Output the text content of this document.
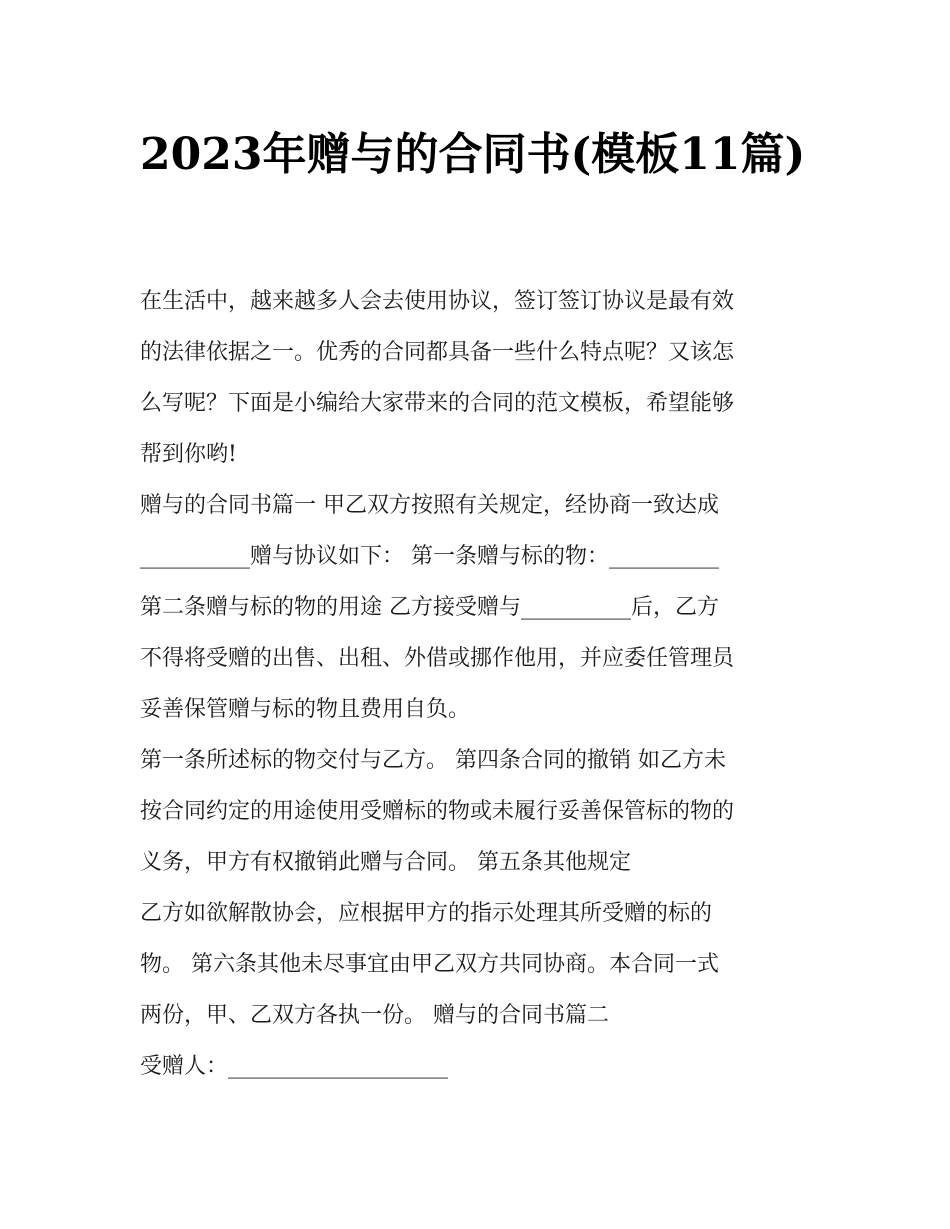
2023年赠与的合同书(模板11篇)

在生活中，越来越多人会去使用协议，签订签订协议是最有效

的法律依据之一。优秀的合同都具备一些什么特点呢？又该怎

么写呢？下面是小编给大家带来的合同的范文模板，希望能够

帮到你哟!

赠与的合同书篇一 甲乙双方按照有关规定，经协商一致达成

__________赠与协议如下： 第一条赠与标的物：__________

第二条赠与标的物的用途 乙方接受赠与__________后，乙方

不得将受赠的出售、出租、外借或挪作他用，并应委任管理员

妥善保管赠与标的物且费用自负。

第一条所述标的物交付与乙方。 第四条合同的撤销 如乙方未

按合同约定的用途使用受赠标的物或未履行妥善保管标的物的

义务，甲方有权撤销此赠与合同。 第五条其他规定

乙方如欲解散协会，应根据甲方的指示处理其所受赠的标的

物。 第六条其他未尽事宜由甲乙双方共同协商。本合同一式

两份，甲、乙双方各执一份。 赠与的合同书篇二

受赠人：____________________
